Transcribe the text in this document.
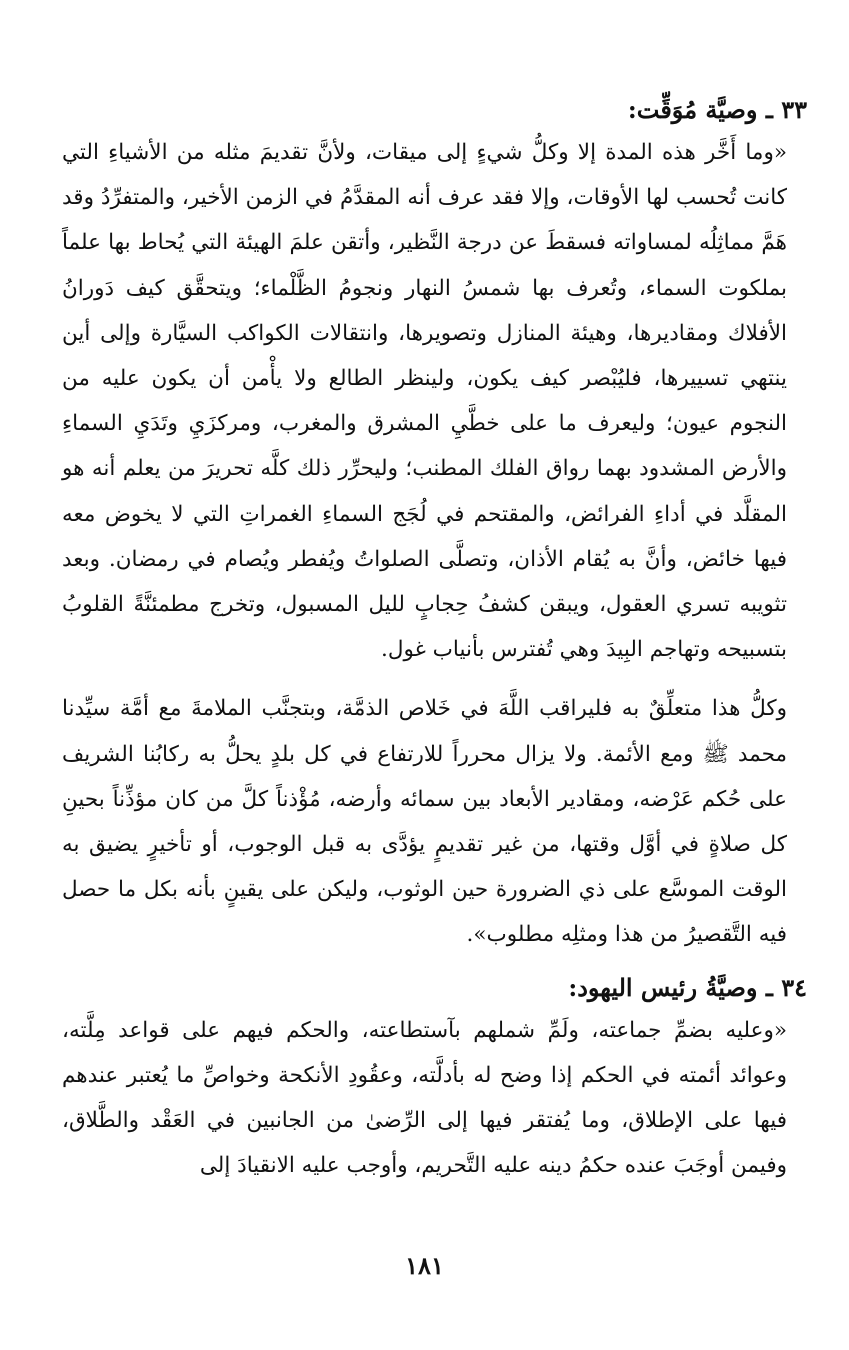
٣٣ ـ وصيَّة مُوَقِّت:

«وما أَخَّر هذه المدة إلا وكلُّ شيءٍ إلى ميقات، ولأنَّ تقديمَ مثله من الأشياءِ التي كانت تُحسب لها الأوقات، وإلا فقد عرف أنه المقدَّمُ في الزمن الأخير، والمتفرِّدُ وقد هَمَّ مماثِلُه لمساواته فسقطَ عن درجة النَّظير، وأتقن علمَ الهيئة التي يُحاط بها علماً بملكوت السماء، وتُعرف بها شمسُ النهار ونجومُ الظَّلْماء؛ ويتحقَّق كيف دَورانُ الأفلاك ومقاديرها، وهيئة المنازل وتصويرها، وانتقالات الكواكب السيَّارة وإلى أين ينتهي تسييرها، فليُبْصر كيف يكون، ولينظر الطالع ولا يأْمن أن يكون عليه من النجوم عيون؛ وليعرف ما على خطَّيِ المشرق والمغرب، ومركزَيِ وتَدَيِ السماءِ والأرض المشدود بهما رواق الفلك المطنب؛ وليحرِّر ذلك كلَّه تحريرَ من يعلم أنه هو المقلَّد في أداءِ الفرائض، والمقتحم في لُجَج السماءِ الغمراتِ التي لا يخوض معه فيها خائض، وأنَّ به يُقام الأذان، وتصلَّى الصلواتُ ويُفطر ويُصام في رمضان. وبعد تثويبه تسري العقول، ويبقن كشفُ حِجابٍ لليل المسبول، وتخرج مطمئنَّةً القلوبُ بتسبيحه وتهاجم البِيدَ وهي تُفترس بأنياب غول.

وكلُّ هذا متعلِّقٌ به فليراقب اللَّهَ في خَلاص الذمَّة، وبتجنَّب الملامةَ مع أمَّة سيِّدنا محمد ﷺ ومع الأئمة. ولا يزال محرراً للارتفاع في كل بلدٍ يحلُّ به ركابُنا الشريف على حُكم عَرْضه، ومقادير الأبعاد بين سمائه وأرضه، مُؤْذناً كلَّ من كان مؤذِّناً بحينِ كل صلاةٍ في أوَّل وقتها، من غير تقديمٍ يؤدَّى به قبل الوجوب، أو تأخيرٍ يضيق به الوقت الموسَّع على ذي الضرورة حين الوثوب، وليكن على يقينٍ بأنه بكل ما حصل فيه التَّقصيرُ من هذا ومثلِه مطلوب».

٣٤ ـ وصيَّةُ رئيس اليهود:

«وعليه بضمِّ جماعته، ولَمِّ شملهم بآستطاعته، والحكم فيهم على قواعد مِلَّته، وعوائد أئمته في الحكم إذا وضح له بأدلَّته، وعقُودِ الأنكحة وخواصِّ ما يُعتبر عندهم فيها على الإطلاق، وما يُفتقر فيها إلى الرِّضىٰ من الجانبين في العَقْد والطَّلاق، وفيمن أوجَبَ عنده حكمُ دينه عليه التَّحريم، وأوجب عليه الانقيادَ إلى

١٨١
